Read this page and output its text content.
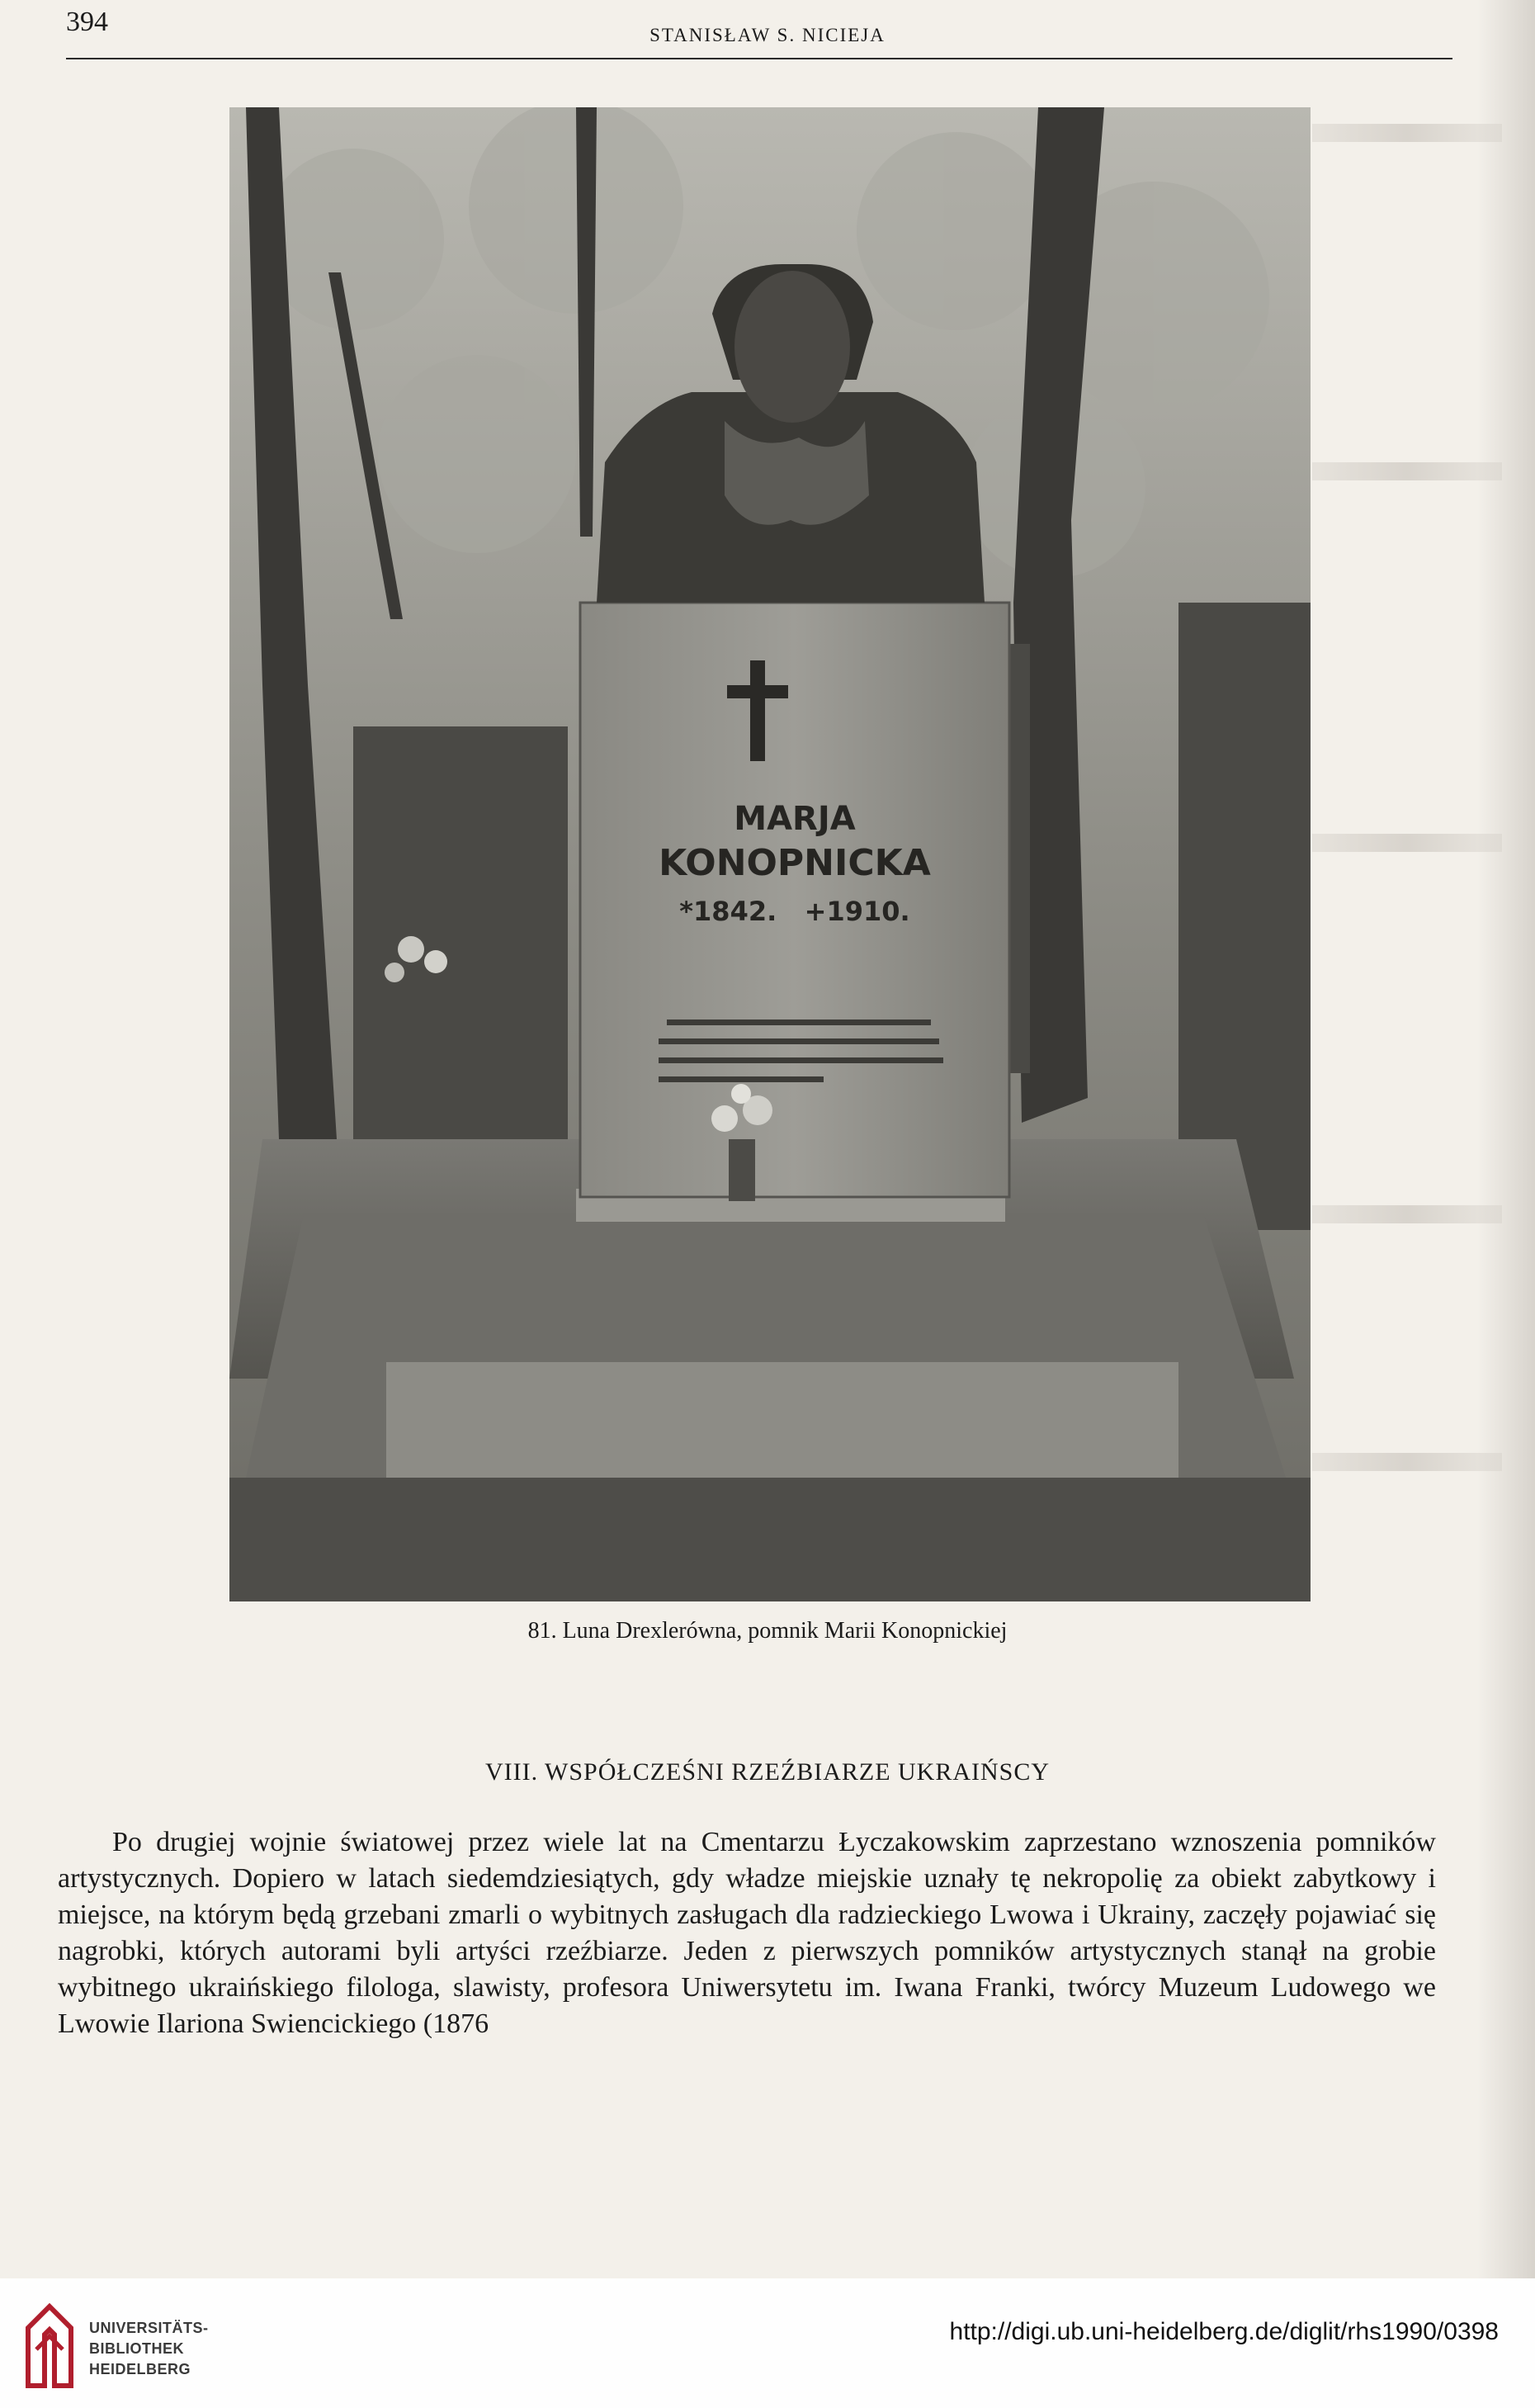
394	STANISŁAW S. NICIEJA
MARJA
KONOPNICKA
*1842.   +1910.
81. Luna Drexlerówna, pomnik Marii Konopnickiej
VIII. WSPÓŁCZEŚNI RZEŹBIARZE UKRAIŃSCY

Po drugiej wojnie światowej przez wiele lat na Cmentarzu Łyczakowskim zaprzestano wznoszenia pomników artystycznych. Dopiero w latach siedemdziesiątych, gdy władze miejskie uznały tę nekropolię za obiekt zabytkowy i miejsce, na którym będą grzebani zmarli o wybitnych zasługach dla radzieckiego Lwowa i Ukrainy, zaczęły pojawiać się nagrobki, których autorami byli artyści rzeźbiarze. Jeden z pierwszych pomników artystycznych stanął na grobie wybitnego ukraińskiego filologa, slawisty, profesora Uniwersytetu im. Iwana Franki, twórcy Muzeum Ludowego we Lwowie Ilariona Swiencickiego (1876

UNIVERSITÄTS-
BIBLIOTHEK
HEIDELBERG
http://digi.ub.uni-heidelberg.de/diglit/rhs1990/0398
